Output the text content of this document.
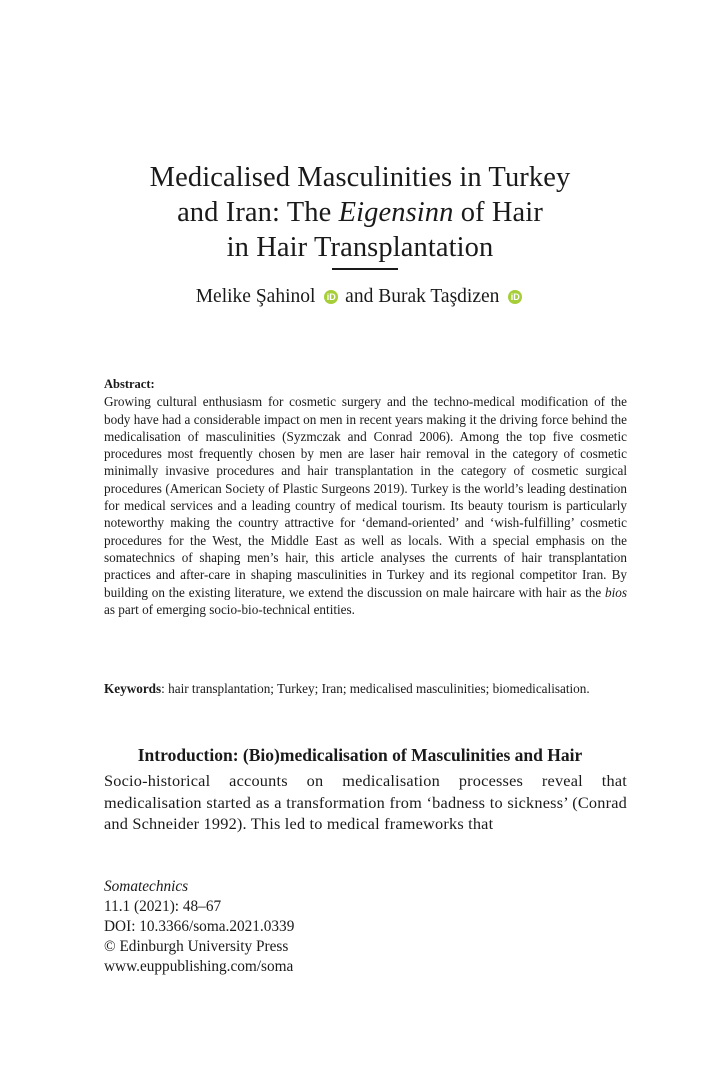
Medicalised Masculinities in Turkey
and Iran: The Eigensinn of Hair
in Hair Transplantation
Melike Şahinol iD and Burak Taşdizen iD
Abstract:

Growing cultural enthusiasm for cosmetic surgery and the techno-medical modification of the body have had a considerable impact on men in recent years making it the driving force behind the medicalisation of masculinities (Syzmczak and Conrad 2006). Among the top five cosmetic procedures most frequently chosen by men are laser hair removal in the category of cosmetic minimally invasive procedures and hair transplantation in the category of cosmetic surgical procedures (American Society of Plastic Surgeons 2019). Turkey is the world’s leading destination for medical services and a leading country of medical tourism. Its beauty tourism is particularly noteworthy making the country attractive for ‘demand-oriented’ and ‘wish-fulfilling’ cosmetic procedures for the West, the Middle East as well as locals. With a special emphasis on the somatechnics of shaping men’s hair, this article analyses the currents of hair transplantation practices and after-care in shaping masculinities in Turkey and its regional competitor Iran. By building on the existing literature, we extend the discussion on male haircare with hair as the bios as part of emerging socio-bio-technical entities.

Keywords: hair transplantation; Turkey; Iran; medicalised masculinities; biomedicalisation.
Introduction: (Bio)medicalisation of Masculinities and Hair
Socio-historical accounts on medicalisation processes reveal that medicalisation started as a transformation from ‘badness to sickness’ (Conrad and Schneider 1992). This led to medical frameworks that
Somatechnics
11.1 (2021): 48–67
DOI: 10.3366/soma.2021.0339
© Edinburgh University Press
www.euppublishing.com/soma
